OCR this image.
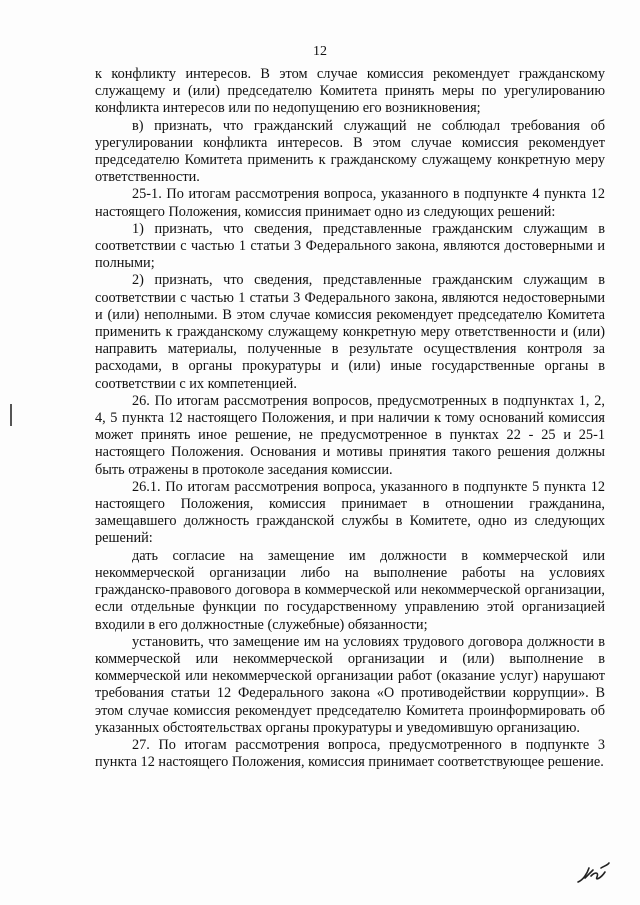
12

к конфликту интересов. В этом случае комиссия рекомендует гражданскому служащему и (или) председателю Комитета принять меры по урегулированию конфликта интересов или по недопущению его возникновения;

в) признать, что гражданский служащий не соблюдал требования об урегулировании конфликта интересов. В этом случае комиссия рекомендует председателю Комитета применить к гражданскому служащему конкретную меру ответственности.

25-1. По итогам рассмотрения вопроса, указанного в подпункте 4 пункта 12 настоящего Положения, комиссия принимает одно из следующих решений:

1) признать, что сведения, представленные гражданским служащим в соответствии с частью 1 статьи 3 Федерального закона, являются достоверными и полными;

2) признать, что сведения, представленные гражданским служащим в соответствии с частью 1 статьи 3 Федерального закона, являются недостоверными и (или) неполными. В этом случае комиссия рекомендует председателю Комитета применить к гражданскому служащему конкретную меру ответственности и (или) направить материалы, полученные в результате осуществления контроля за расходами, в органы прокуратуры и (или) иные государственные органы в соответствии с их компетенцией.

26. По итогам рассмотрения вопросов, предусмотренных в подпунктах 1, 2, 4, 5 пункта 12 настоящего Положения, и при наличии к тому оснований комиссия может принять иное решение, не предусмотренное в пунктах 22 - 25 и 25-1 настоящего Положения. Основания и мотивы принятия такого решения должны быть отражены в протоколе заседания комиссии.

26.1. По итогам рассмотрения вопроса, указанного в подпункте 5 пункта 12 настоящего Положения, комиссия принимает в отношении гражданина, замещавшего должность гражданской службы в Комитете, одно из следующих решений:

дать согласие на замещение им должности в коммерческой или некоммерческой организации либо на выполнение работы на условиях гражданско-правового договора в коммерческой или некоммерческой организации, если отдельные функции по государственному управлению этой организацией входили в его должностные (служебные) обязанности;

установить, что замещение им на условиях трудового договора должности в коммерческой или некоммерческой организации и (или) выполнение в коммерческой или некоммерческой организации работ (оказание услуг) нарушают требования статьи 12 Федерального закона «О противодействии коррупции». В этом случае комиссия рекомендует председателю Комитета проинформировать об указанных обстоятельствах органы прокуратуры и уведомившую организацию.

27. По итогам рассмотрения вопроса, предусмотренного в подпункте 3 пункта 12 настоящего Положения, комиссия принимает соответствующее решение.
